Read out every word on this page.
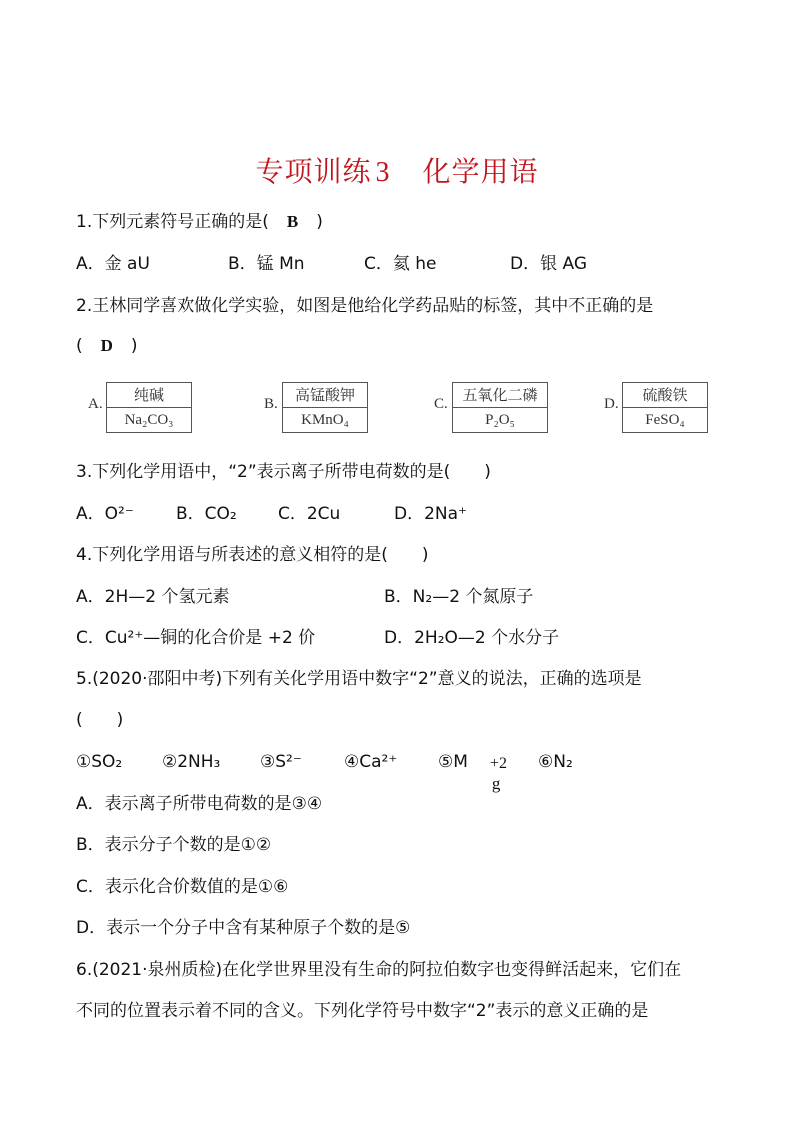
专项训练 3 化学用语
1.下列元素符号正确的是( B )
A．金 aU	B．锰 Mn	C．氦 he	D．银 AG
2.王林同学喜欢做化学实验，如图是他给化学药品贴的标签，其中不正确的是
( D )
A.	纯碱
Na₂CO₃
B.	高锰酸钾
KMnO₄
C. 五氧化二磷
P₂O₅
D.	硫酸铁
FeSO₄
3.下列化学用语中，“2”表示离子所带电荷数的是(　　)
A．O²⁻ B．CO₂ C．2Cu	D．2Na⁺
4.下列化学用语与所表述的意义相符的是(　　)
A．2H—2 个氢元素	B．N₂—2 个氮原子
C．Cu²⁺—铜的化合价是 +2 价	D．2H₂O—2 个水分子
5.(2020·邵阳中考)下列有关化学用语中数字“2”意义的说法，正确的选项是
(　　)
①SO₂ ②2NH₃ ③S²⁻ ④Ca²⁺ ⑤M
g
+2 ⑥N₂
A．表示离子所带电荷数的是③④
B．表示分子个数的是①②
C．表示化合价数值的是①⑥
D．表示一个分子中含有某种原子个数的是⑤
6.(2021·泉州质检)在化学世界里没有生命的阿拉伯数字也变得鲜活起来，它们在
不同的位置表示着不同的含义。下列化学符号中数字“2”表示的意义正确的是
